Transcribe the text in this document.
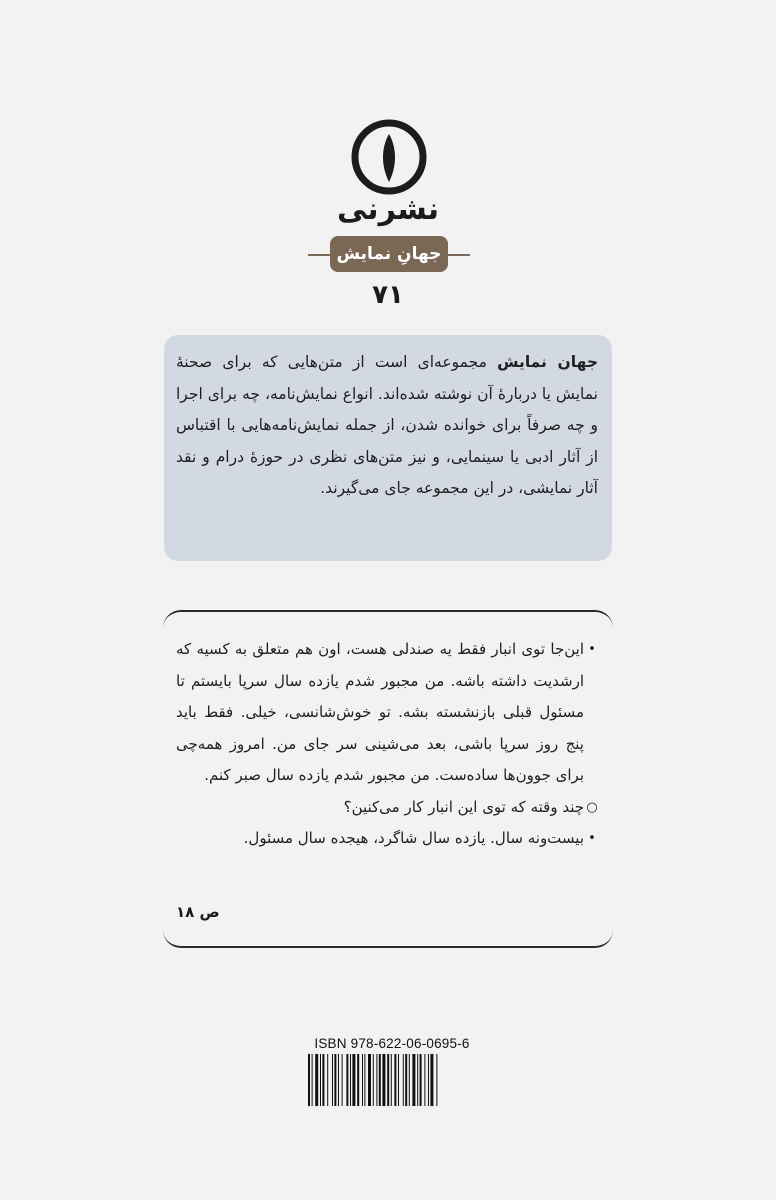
نشرنی
جهانِ نمایش
۷۱
جهان نمایش مجموعه‌ای است از متن‌هایی که برای صحنهٔ نمایش یا دربارهٔ آن نوشته شده‌اند. انواع نمایش‌نامه، چه برای اجرا و چه صرفاً برای خوانده شدن، از جمله نمایش‌نامه‌هایی با اقتباس از آثار ادبی یا سینمایی، و نیز متن‌های نظری در حوزهٔ درام و نقد آثار نمایشی، در این مجموعه جای می‌گیرند.
•
این‌جا توی انبار فقط یه صندلی هست، اون هم متعلق به کسیه که ارشدیت داشته باشه. من مجبور شدم یازده سال سرپا بایستم تا مسئول قبلی بازنشسته بشه. تو خوش‌شانسی، خیلی. فقط باید پنج روز سرپا باشی، بعد می‌شینی سر جای من. امروز همه‌چی برای جوون‌ها ساده‌ست. من مجبور شدم یازده سال صبر کنم.
○
چند وقته که توی این انبار کار می‌کنین؟
•
بیست‌ونه سال. یازده سال شاگرد، هیجده سال مسئول.
ص ۱۸
ISBN 978-622-06-0695-6
